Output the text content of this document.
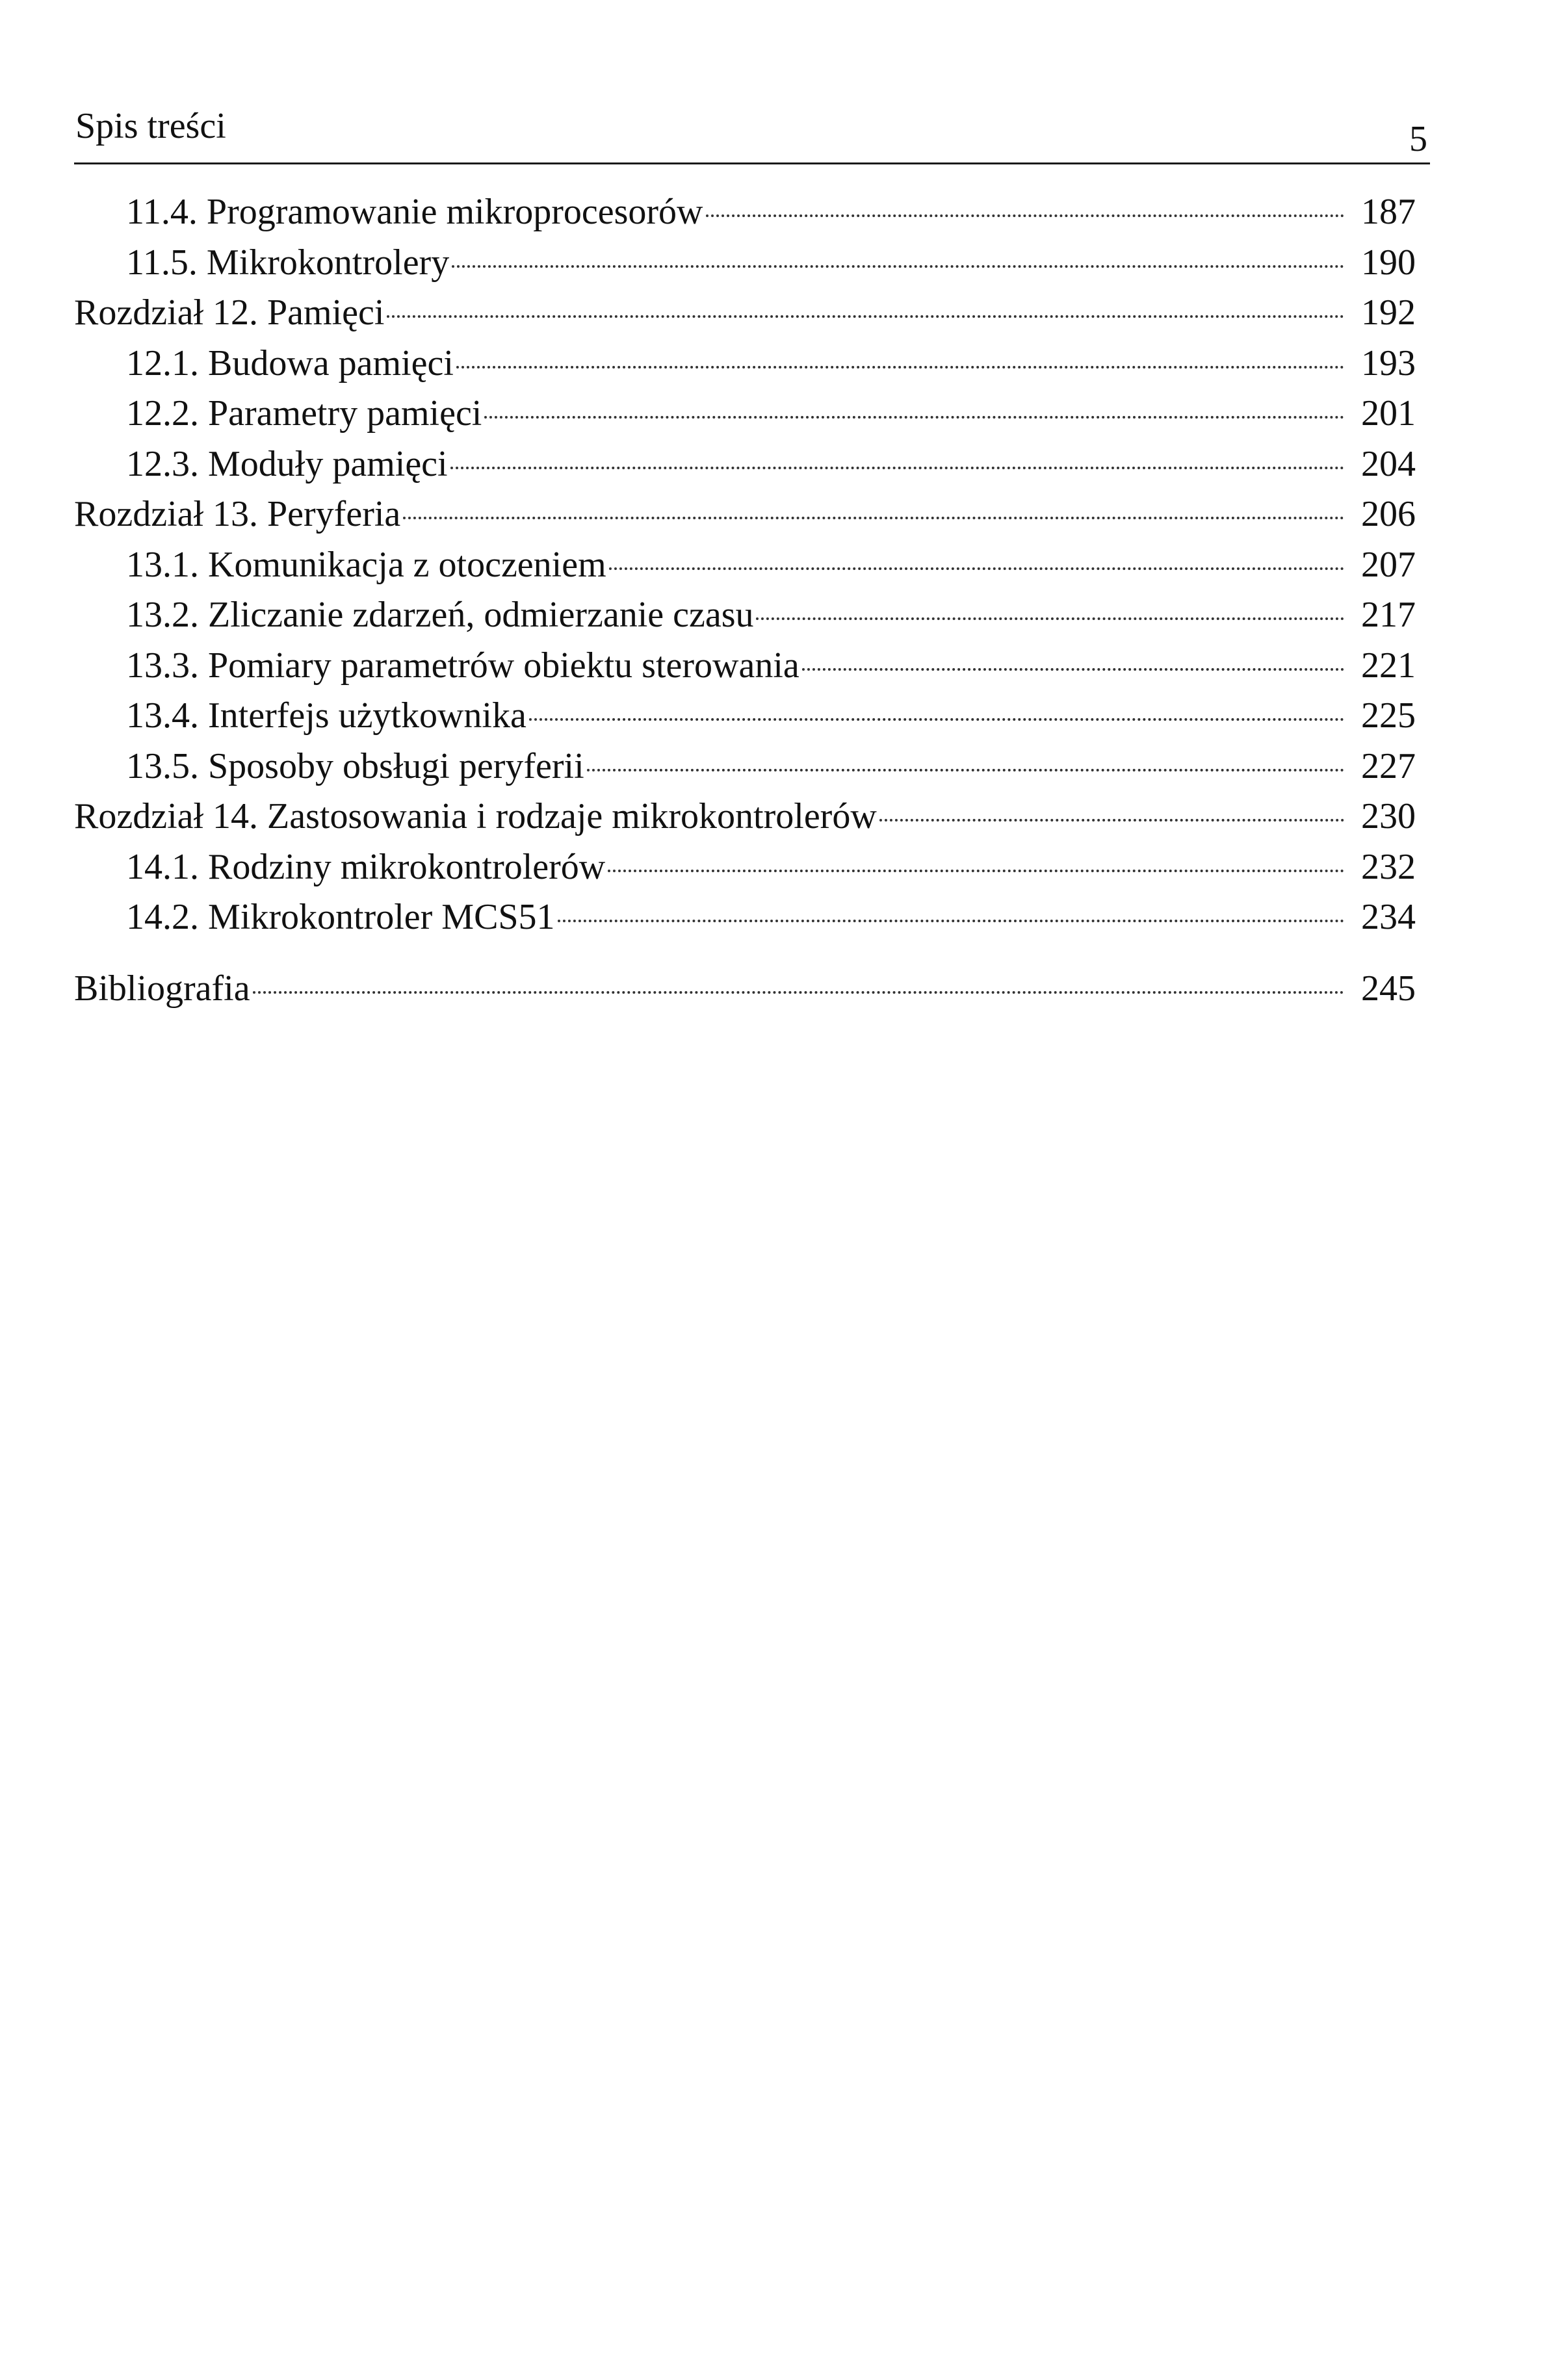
Spis treści	5
11.4. Programowanie mikroprocesorów	187
11.5. Mikrokontrolery	190
Rozdział 12. Pamięci	192
12.1. Budowa pamięci	193
12.2. Parametry pamięci	201
12.3. Moduły pamięci	204
Rozdział 13. Peryferia	206
13.1. Komunikacja z otoczeniem	207
13.2. Zliczanie zdarzeń, odmierzanie czasu	217
13.3. Pomiary parametrów obiektu sterowania	221
13.4. Interfejs użytkownika	225
13.5. Sposoby obsługi peryferii	227
Rozdział 14. Zastosowania i rodzaje mikrokontrolerów	230
14.1. Rodziny mikrokontrolerów	232
14.2. Mikrokontroler MCS51	234
Bibliografia	245
